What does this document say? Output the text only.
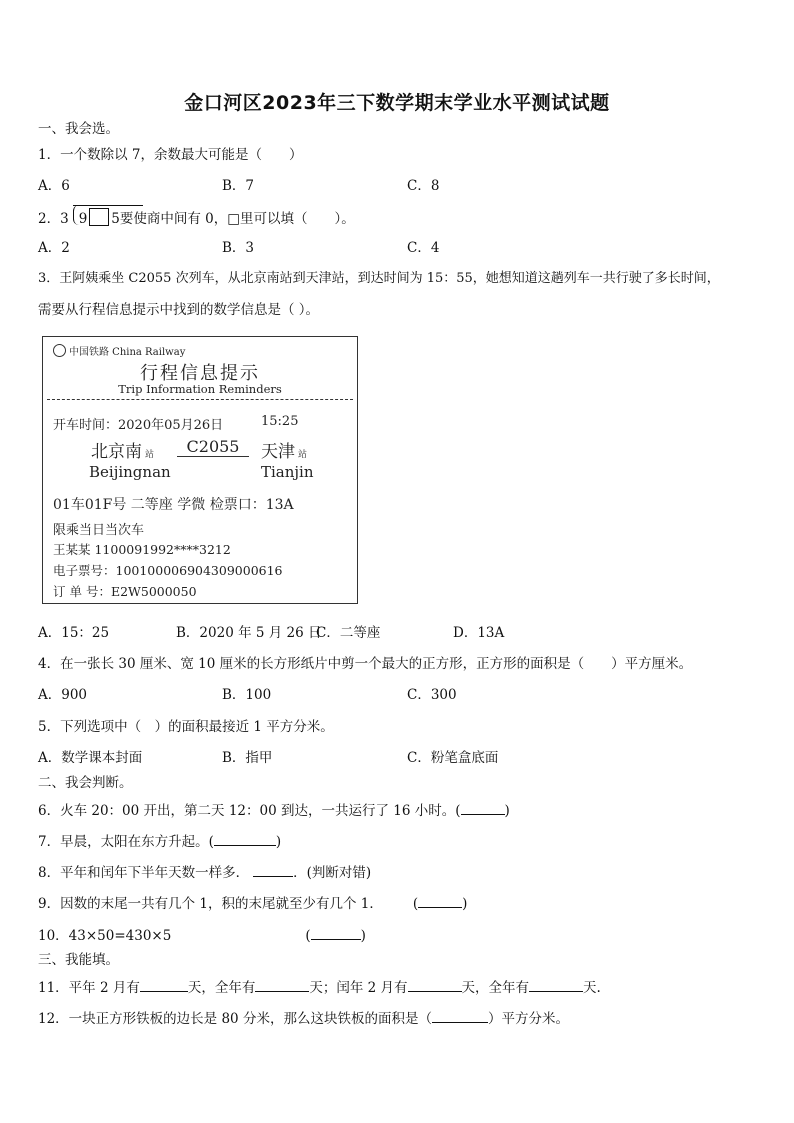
金口河区2023年三下数学期末学业水平测试试题
一、我会选。
1．一个数除以 7，余数最大可能是（　　）
A．6	B．7	C．8
2．3 9 5要使商中间有 0，□里可以填（　　）。
A．2	B．3	C．4
3．王阿姨乘坐 C2055 次列车，从北京南站到天津站，到达时间为 15：55，她想知道这趟列车一共行驶了多长时间，
需要从行程信息提示中找到的数学信息是（ ）。
中国铁路 China Railway
行程信息提示
Trip Information Reminders
开车时间：2020年05月26日	15:25
北京南 站	C2055	天津 站
Beijingnan	Tianjin
01车01F号 二等座 学微 检票口：13A
限乘当日当次车
王某某 1100091992****3212
电子票号：10010000690430900061​6
订 单 号：E2W5000050
A．15：25	B．2020 年 5 月 26 日
C．二等座	D．13A
4．在一张长 30 厘米、宽 10 厘米的长方形纸片中剪一个最大的正方形，正方形的面积是（　　）平方厘米。
A．900	B．100	C．300
5．下列选项中（　）的面积最接近 1 平方分米。
A．数学课本封面	B．指甲	C．粉笔盒底面
二、我会判断。
6．火车 20：00 开出，第二天 12：00 到达，一共运行了 16 小时。(	)
7．早晨，太阳在东方升起。(	)
8．平年和闰年下半年天数一样多．	．(判断对错)
9．因数的末尾一共有几个 1，积的末尾就至少有几个 1． (	)
10．43×50=430×5	(	)
三、我能填。
11．平年 2 月有	天，全年有	天；闰年 2 月有	天，全年有	天.
12．一块正方形铁板的边长是 80 分米，那么这块铁板的面积是（	）平方分米。
